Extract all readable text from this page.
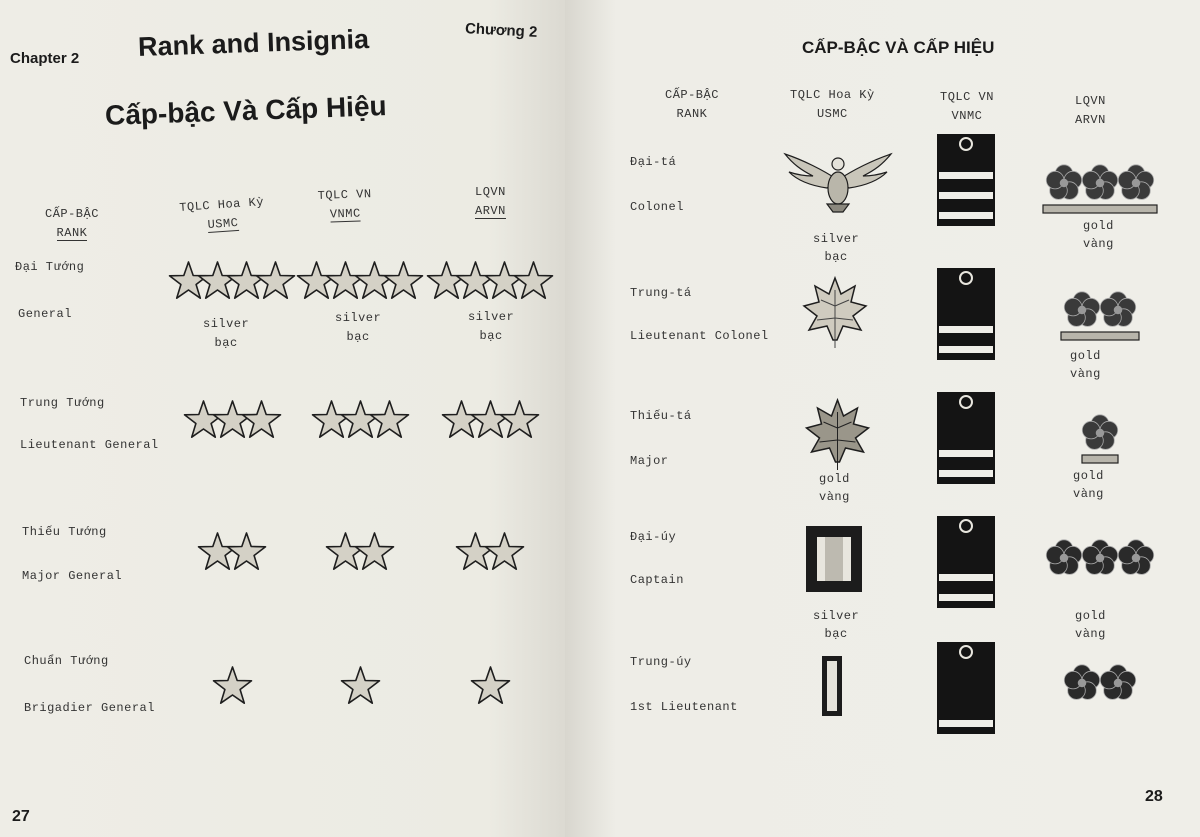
Chapter 2
Chương 2
Rank and Insignia
Cấp-bậc Và Cấp Hiệu
CẤP-BẬC
RANK
TQLC Hoa Kỳ
USMC
TQLC VN
VNMC
LQVN
ARVN
Đại Tướng
General
Trung Tướng
Lieutenant General
Thiếu Tướng
Major General
Chuẩn Tướng
Brigadier General
silver
bạc
silver
bạc
silver
bạc
27
CẤP-BẬC VÀ CẤP HIỆU
CẤP-BẬC
RANK
TQLC Hoa Kỳ
USMC
TQLC VN
VNMC
LQVN
ARVN
Đại-tá
Colonel
Trung-tá
Lieutenant Colonel
Thiếu-tá
Major
Đại-úy
Captain
Trung-úy
1st Lieutenant
silver
bạc
gold
vàng
silver
bạc
gold
vàng
gold
vàng
gold
vàng
gold
vàng
28
